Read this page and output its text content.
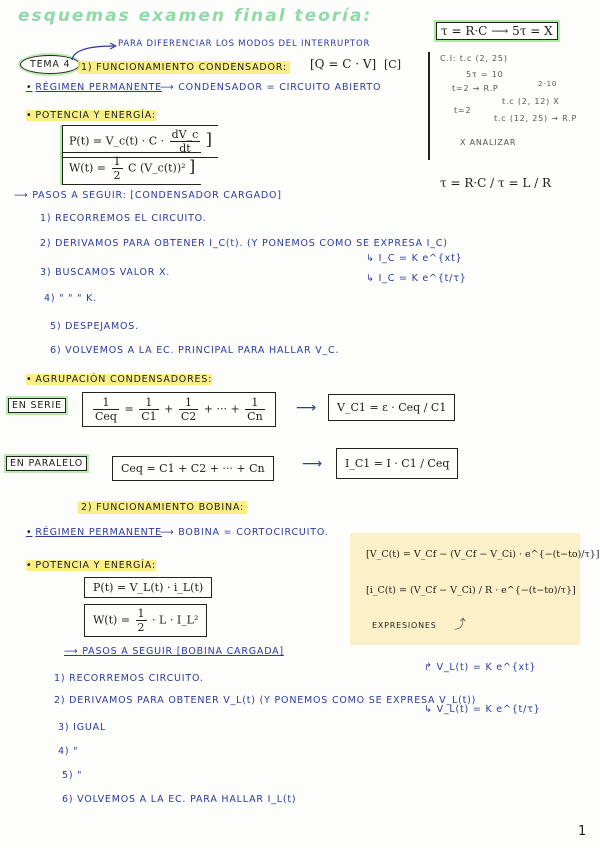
esquemas examen final teoría:
τ = R·C ⟶ 5τ = X
TEMA 4
PARA DIFERENCIAR LOS MODOS DEL INTERRUPTOR
1) FUNCIONAMIENTO CONDENSADOR: [Q = C · V] [C]	C.I: t.c (2, 25)
5τ = 10
t=2 → R.P	2-10
t.c (2, 12) X
t=2
t.c (12, 25) → R.P
X ANALIZAR
τ = R·C / τ = L / R
• RÉGIMEN PERMANENTE
⟶ CONDENSADOR = CIRCUITO ABIERTO
• POTENCIA Y ENERGÍA:
P(t) = V_c(t) · $C \cdot \frac{dV\_c}{dt}$ ]
$W(t) = \frac{1}{2}$ C (V_c(t))² ]
⟶ PASOS A SEGUIR: [CONDENSADOR CARGADO]
1) RECORREMOS EL CIRCUITO.
2) DERIVAMOS PARA OBTENER I_C(t). (Y PONEMOS COMO SE EXPRESA I_C)
3) BUSCAMOS VALOR X.
4) " " " K.
5) DESPEJAMOS.
6) VOLVEMOS A LA EC. PRINCIPAL PARA HALLAR V_C.
↳ I_C = K e^{xt}
↳ I_C = K e^{t/τ}
• AGRUPACIÓN CONDENSADORES:
EN SERIE	$\frac{1}{\text{Ceq}} = \frac{1}{C1} + \frac{1}{C2}$ + ··· + $\frac{1}{Cn}$ ⟶	V_C1 = ε · Ceq / C1
EN PARALELO	Ceq = C1 + C2 + ··· + Cn	⟶	I_C1 = I · C1 / Ceq
2) FUNCIONAMIENTO BOBINA:
• RÉGIMEN PERMANENTE
⟶ BOBINA = CORTOCIRCUITO.
• POTENCIA Y ENERGÍA:
P(t) = V_L(t) · i_L(t)
$W(t) = \frac{1}{2} \cdot L$ · I_L²
[V_C(t) = V_Cf − (V_Cf − V_Ci) · e^{−(t−to)/τ}]
[i_C(t) = (V_Cf − V_Ci) / R · e^{−(t−to)/τ}]
EXPRESIONES ⤴
⟶ PASOS A SEGUIR [BOBINA CARGADA]
1) RECORREMOS CIRCUITO.
2) DERIVAMOS PARA OBTENER V_L(t) (Y PONEMOS COMO SE EXPRESA V_L(t))
3) IGUAL
4) "
5) "
6) VOLVEMOS A LA EC. PARA HALLAR I_L(t)
↱ V_L(t) = K e^{xt}
↳ V_L(t) = K e^{t/τ}
1
